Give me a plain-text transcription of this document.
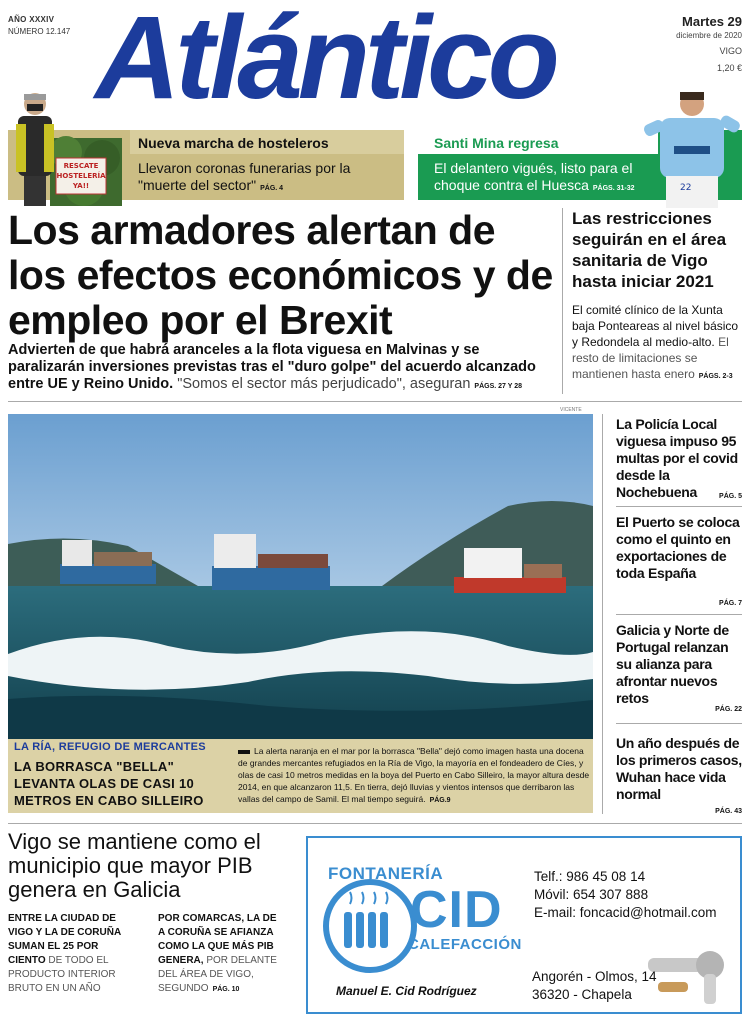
AÑO XXXIV
NÚMERO 12.147 Atlántico	Martes 29
diciembre de 2020
VIGO
1,20 €
Nueva marcha de hosteleros
Llevaron coronas funerarias por la "muerte del sector" PÁG. 4
RESCATE
HOSTELERÍA
YA!!
Santi Mina regresa
El delantero vigués, listo para el choque contra el Huesca PÁGS. 31-32	22
Los armadores alertan de los efectos económicos y de empleo por el Brexit
Advierten de que habrá aranceles a la flota viguesa en Malvinas y se paralizarán inversiones previstas tras el "duro golpe" del acuerdo alcanzado entre UE y Reino Unido. "Somos el sector más perjudicado", aseguran PÁGS. 27 Y 28
Las restricciones seguirán en el área sanitaria de Vigo hasta iniciar 2021
El comité clínico de la Xunta baja Ponteareas al nivel básico y Redondela al medio-alto. El resto de limitaciones se mantienen hasta enero PÁGS. 2-3
VICENTE
LA RÍA, REFUGIO DE MERCANTES
LA BORRASCA "BELLA" LEVANTA OLAS DE CASI 10 METROS EN CABO SILLEIRO
La alerta naranja en el mar por la borrasca "Bella" dejó como imagen hasta una docena de grandes mercantes refugiados en la Ría de Vigo, la mayoría en el fondeadero de Cíes, y olas de casi 10 metros medidas en la boya del Puerto en Cabo Silleiro, la mayor altura desde 2014, en que alcanzaron 11,5. En tierra, dejó lluvias y vientos intensos que derribaron las vallas del campo de Samil. El mal tiempo seguirá. PÁG.9
La Policía Local viguesa impuso 95 multas por el covid desde la Nochebuena	PÁG. 5
El Puerto se coloca como el quinto en exportaciones de toda España
PÁG. 7
Galicia y Norte de Portugal relanzan su alianza para afrontar nuevos retos
PÁG. 22
Un año después de los primeros casos, Wuhan hace vida normal
PÁG. 43
Vigo se mantiene como el municipio que mayor PIB genera en Galicia
ENTRE LA CIUDAD DE VIGO Y LA DE CORUÑA SUMAN EL 25 POR CIENTO DE TODO EL PRODUCTO INTERIOR BRUTO EN UN AÑO
POR COMARCAS, LA DE A CORUÑA SE AFIANZA COMO LA QUE MÁS PIB GENERA, POR DELANTE DEL ÁREA DE VIGO, SEGUNDO PÁG. 10
FONTANERÍA
CID
CALEFACCIÓN
Manuel E. Cid Rodríguez
Telf.: 986 45 08 14
Móvil: 654 307 888
E-mail: foncacid@hotmail.com
Angorén - Olmos, 14
36320 - Chapela
